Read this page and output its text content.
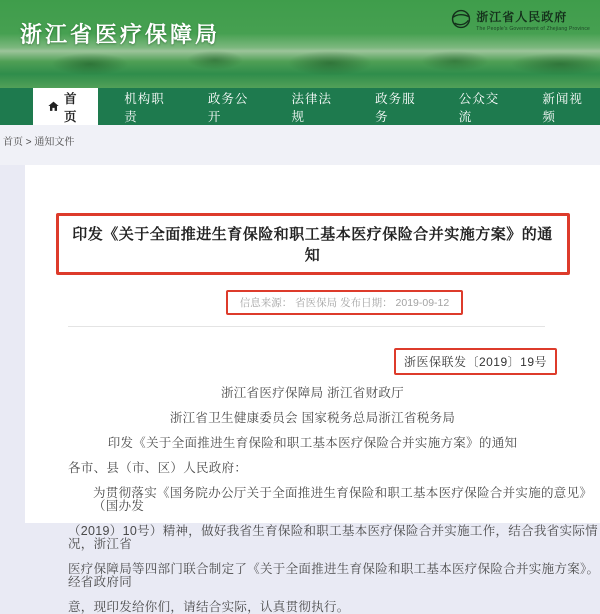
浙江省医疗保障局
浙江省人民政府
The People's Government of Zhejiang Province
首页
机构职责
政务公开
法律法规
政务服务
公众交流
新闻视频
首页 > 通知文件
印发《关于全面推进生育保险和职工基本医疗保险合并实施方案》的通知
信息来源： 省医保局 发布日期： 2019-09-12
浙医保联发〔2019〕19号

浙江省医疗保障局 浙江省财政厅

浙江省卫生健康委员会 国家税务总局浙江省税务局

印发《关于全面推进生育保险和职工基本医疗保险合并实施方案》的通知

各市、县（市、区）人民政府：

为贯彻落实《国务院办公厅关于全面推进生育保险和职工基本医疗保险合并实施的意见》（国办发

（2019）10号）精神，做好我省生育保险和职工基本医疗保险合并实施工作，结合我省实际情况，浙江省

医疗保障局等四部门联合制定了《关于全面推进生育保险和职工基本医疗保险合并实施方案》。经省政府同

意，现印发给你们，请结合实际，认真贯彻执行。
